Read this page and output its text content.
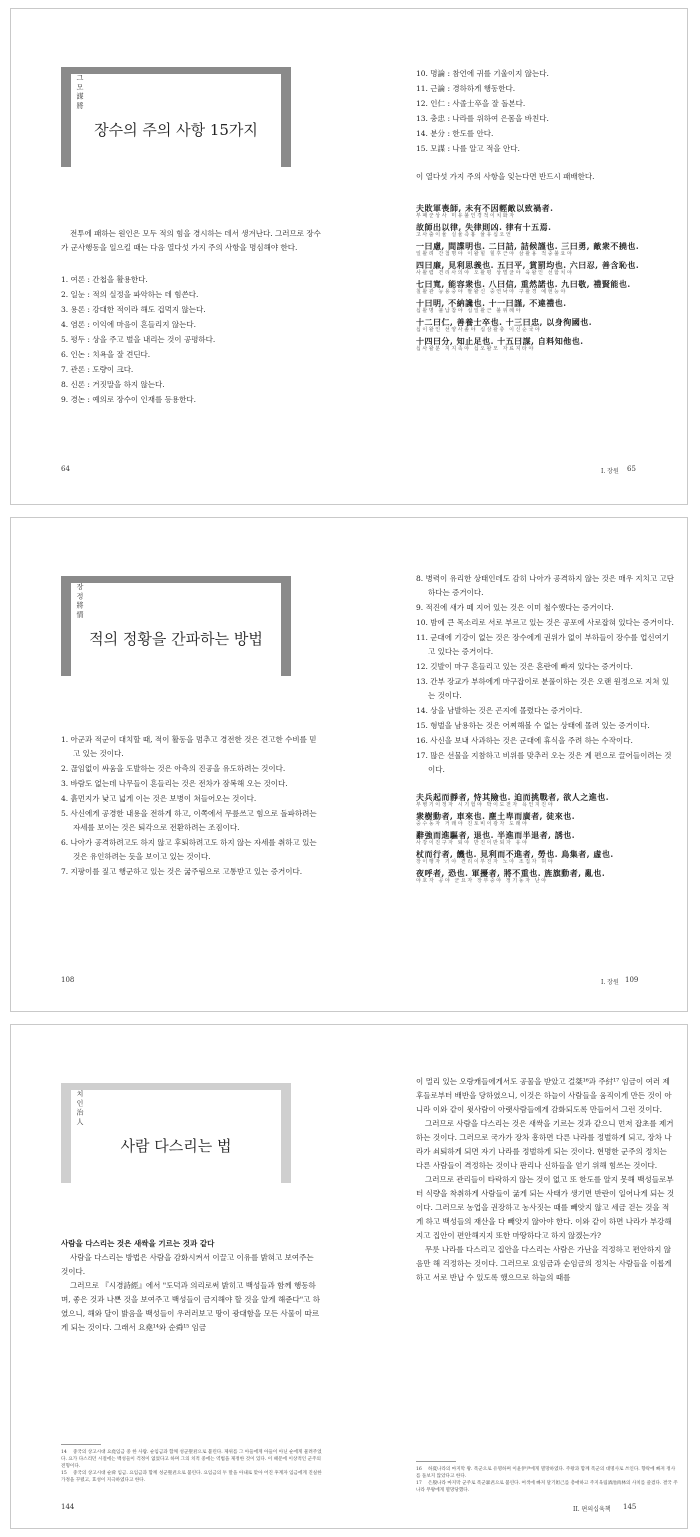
그 모 謀 將
장수의 주의 사항 15가지

전투에 패하는 원인은 모두 적의 힘을 경시하는 데서 생겨난다. 그러므로 장수가 군사행동을 일으킬 때는 다음 열다섯 가지 주의 사항을 명심해야 한다.

1. 여론 : 간첩을 활용한다.
2. 일눈 : 적의 실정을 파악하는 데 힘쓴다.
3. 용론 : 강대한 적이라 해도 겁먹지 않는다.
4. 염론 : 이익에 마음이 흔들리지 않는다.
5. 평두 : 상을 주고 벌을 내리는 것이 공평하다.
6. 인논 : 치욕을 잘 견딘다.
7. 관론 : 도량이 크다.
8. 신론 : 거짓말을 하지 않는다.
9. 경논 : 예의로 장수이 인재를 등용한다.
10. 명論 : 참언에 귀를 기울이지 않는다.
11. 근論 : 경하하게 행동한다.
12. 인仁 : 사졸士卒을 잘 돌본다.
13. 충忠 : 나라를 위하여 은몸을 바친다.
14. 분分 : 한도를 안다.
15. 모謀 : 나를 알고 적을 안다.

이 열다섯 가지 주의 사항을 잊는다면 반드시 패배한다.

夫敗軍喪師, 未有不因輕敵以致禍者.
부패군상사 미유불인경적이치화자

故師出以律, 失律則凶. 律有十五焉.
고사출이율 실율즉흉 율유십오언

一曰慮, 間諜明也. 二曰詰, 詰候謹也. 三曰勇, 敵衆不撓也.
일왈려 간첩명야 이왈힐 힐후근야 삼왈용 적중불요야

四曰廉, 見利思義也. 五曰平, 賞罰均也. 六曰忍, 善含恥也.
사왈렴 견리사의야 오왈평 상벌균야 육왈인 선함치야

七曰寬, 能容衆也. 八曰信, 重然諾也. 九曰敬, 禮賢能也.
칠왈관 능용중야 팔왈신 중연낙야 구왈경 예현능야

十曰明, 不納讒也. 十一曰謹, 不違禮也.
십왈명 불납참야 십일왈근 불위례야

十二曰仁, 善養士卒也. 十三曰忠, 以身徇國也.
십이왈인 선양사졸야 십삼왈충 이신순국야

十四曰分, 知止足也. 十五曰謀, 自料知他也.
십사왈분 지지족야 십오왈모 자료지타야

64	I. 장원 65
장 정 將 情
적의 정황을 간파하는 방법
1. 아군과 적군이 대치할 때, 적이 활동을 멈추고 경전한 것은 견고한 수비를 믿고 있는 것이다.
2. 끊임없이 싸움을 도발하는 것은 아측의 진공을 유도하려는 것이다.
3. 바람도 없는데 나무들이 흔들리는 것은 전차가 잠복해 오는 것이다.
4. 흙먼지가 낮고 넓게 이는 것은 보병이 쳐들어오는 것이다.
5. 사신에게 공경한 내용을 전하게 하고, 이쪽에서 무릎쓰고 힘으로 돌파하려는 자세를 보이는 것은 퇴각으로 전환하려는 조짐이다.
6. 나아가 공격하려고도 하지 않고 후퇴하려고도 하지 않는 자세를 취하고 있는 것은 유인하려는 듯을 보이고 있는 것이다.
7. 지팡이를 짚고 행군하고 있는 것은 굶주림으로 고통받고 있는 증거이다.
8. 병력이 유리한 상태인데도 감히 나아가 공격하지 않는 것은 매우 지치고 고단하다는 증거이다.
9. 적진에 새가 떼 지어 있는 것은 이미 철수했다는 증거이다.
10. 밤에 큰 목소리로 서로 부르고 있는 것은 공포에 사로잡혀 있다는 증거이다.
11. 군대에 기강이 없는 것은 장수에게 권위가 없이 부하들이 장수를 업신여기고 있다는 증거이다.
12. 깃발이 마구 흔들리고 있는 것은 혼란에 빠져 있다는 증거이다.
13. 간부 장교가 부하에게 마구잡이로 분풀이하는 것은 오랜 원정으로 지쳐 있는 것이다.
14. 상을 남발하는 것은 곤지에 몰렸다는 증거이다.
15. 형벌을 남용하는 것은 어찌해볼 수 없는 상태에 몰려 있는 증거이다.
16. 사신을 보내 사과하는 것은 군대에 휴식을 주려 하는 수작이다.
17. 많은 선물을 지참하고 비위를 맞추러 오는 것은 계 편으로 끌어들이려는 것이다.

夫兵起而靜者, 恃其險也. 迫而挑戰者, 欲人之進也.
부병기이정자 시기험야 박이도전자 욕인지진야

衆樹動者, 車來也. 塵土卑而廣者, 徒來也.
중수동자 거래야 진토비이광자 도래야

辭強而進驅者, 退也. 半進而半退者, 誘也.
사강이진구자 퇴야 반진이반퇴자 유야

杖而行者, 饑也. 見利而不進者, 勞也. 鳥集者, 虛也.
장이행자 기야 견리이부진자 노야 조집자 허야

夜呼者, 恐也. 軍擾者, 將不重也. 旌旗動者, 亂也.
야호자 공야 군요자 장부중야 정기동자 난야

108	I. 장원 109
치 인 治 人
사람 다스리는 법

사람을 다스리는 것은 새싹을 기르는 것과 같다

사람을 다스리는 방법은 사람을 감화시켜서 이끌고 이유를 밝혀고 보여주는 것이다.

그러므로 『시경詩經』에서 "도덕과 의리로써 밝히고 백성들과 함께 행동하며, 좋은 것과 나쁜 것을 보여주고 백성들이 금지해야 할 것을 알게 해준다"고 하였으니, 해와 달이 밝음을 백성들이 우러러보고 땅이 광대함을 모든 사물이 따르게 되는 것이다. 그래서 요堯¹⁴와 순舜¹⁵ 임금

14 중국의 상고시대 요堯임금 중 한 사람. 순임금과 함께 성군聖君으로 불린다. 제위를 그 아들에게 아들이 아닌 순에게 물려주었다. 요가 다스리던 시절에는 백성들이 걱정이 없었다고 하며 그의 치적 중에는 역법을 제정한 것이 있다. 이 때문에 이상적인 군주의 전형이다.
15 중국의 상고시대 순舜 임금. 요임금과 함께 성군聖君으로 불린다. 요임금의 두 딸을 아내로 맞아 어진 후계자 임금에게 진실한 가정을 꾸렸고, 효성이 지극하였다고 한다.

이 멀리 있는 오랑캐들에게서도 공물을 받았고 걸桀¹⁶과 주紂¹⁷ 임금이 여러 제후들로부터 배반을 당하였으니, 이것은 하늘이 사람들을 움직이게 만든 것이 아니라 이와 같이 윗사람이 아랫사람들에게 감화되도록 만들어서 그런 것이다.

그러므로 사람을 다스리는 것은 새싹을 기르는 것과 같으니 먼저 잡초를 제거하는 것이다. 그러므로 국가가 장차 흥하면 다른 나라를 정벌하게 되고, 장차 나라가 쇠퇴하게 되면 자기 나라를 정벌하게 되는 것이다. 현명한 군주의 정치는 다른 사람들이 격정하는 것이나 판리나 신하들을 얻기 위해 힘쓰는 것이다.

그러므로 관리들이 타락하지 않는 것이 없고 또 한도를 알지 못해 백성들로부터 식량을 착취하게 사람들이 굶게 되는 사태가 생기면 반란이 일어나게 되는 것이다. 그러므로 농업을 권장하고 농사짓는 때를 빼앗지 않고 세금 걷는 것을 적게 하고 백성들의 재산을 다 빼앗지 않아야 한다. 이와 같이 하면 나라가 부강해지고 집안이 편안해지지 또한 마땅하다고 하지 않겠는가?

무릇 나라를 다스리고 집안을 다스리는 사람은 가난을 걱정하고 편안하지 않음만 해 걱정하는 것이다. 그러므로 요임금과 순임금의 정치는 사람들을 이롭게 하고 서로 반납 수 있도록 했으므로 하늘의 때를

16 하夏나라의 마지막 왕. 폭군으로 유명하며 이윤伊尹에게 멸망하였다. 주왕과 함께 폭군의 대명사로 쓰인다. 향락에 빠져 정사를 돌보지 않았다고 한다.
17 은殷나라 마지막 군주로 폭군暴君으로 불린다. 여색에 빠져 달기妲己를 총애하고 주지육림酒池肉林의 사치를 즐겼다. 결국 주나라 무왕에게 멸망당했다.
144	II. 편의십육책 145
